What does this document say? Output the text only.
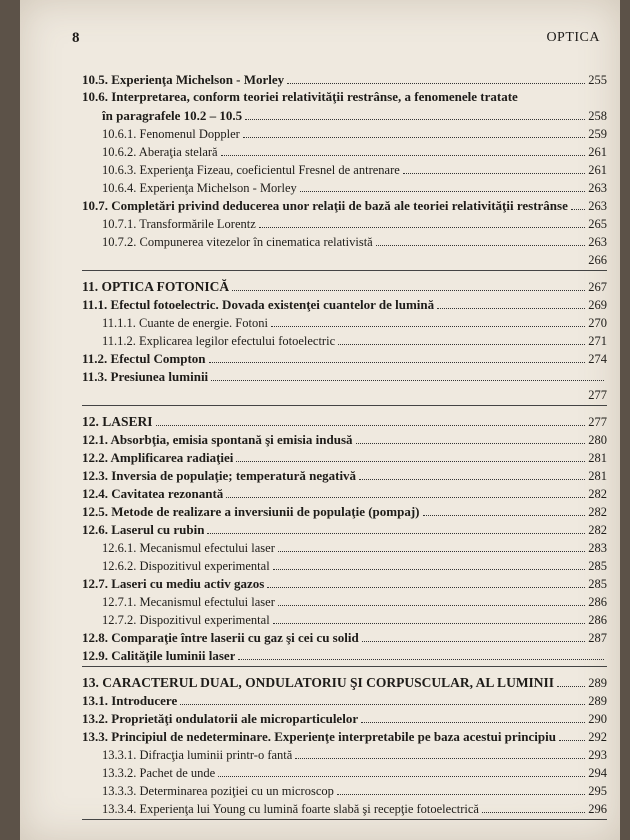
8	OPTICA
10.5. Experienţa Michelson - Morley	255
10.6. Interpretarea, conform teoriei relativităţii restrânse, a fenomenele tratate
în paragrafele 10.2 – 10.5	258
10.6.1. Fenomenul Doppler	259
10.6.2. Aberaţia stelară	261
10.6.3. Experienţa Fizeau, coeficientul Fresnel de antrenare	261
10.6.4. Experienţa Michelson - Morley	263
10.7. Completări privind deducerea unor relaţii de bază ale teoriei relativităţii restrânse 263
10.7.1. Transformările Lorentz	265
10.7.2. Compunerea vitezelor în cinematica relativistă	263
266
11. OPTICA FOTONICĂ	267
11.1. Efectul fotoelectric. Dovada existenţei cuantelor de lumină	269
11.1.1. Cuante de energie. Fotoni	270
11.1.2. Explicarea legilor efectului fotoelectric	271
11.2. Efectul Compton	274
11.3. Presiunea luminii
277
12. LASERI	277
12.1. Absorbţia, emisia spontană şi emisia indusă	280
12.2. Amplificarea radiaţiei	281
12.3. Inversia de populaţie; temperatură negativă	281
12.4. Cavitatea rezonantă	282
12.5. Metode de realizare a inversiunii de populaţie (pompaj)	282
12.6. Laserul cu rubin	282
12.6.1. Mecanismul efectului laser	283
12.6.2. Dispozitivul experimental	285
12.7. Laseri cu mediu activ gazos	285
12.7.1. Mecanismul efectului laser	286
12.7.2. Dispozitivul experimental	286
12.8. Comparaţie între laserii cu gaz şi cei cu solid	287
12.9. Calităţile luminii laser
13. CARACTERUL DUAL, ONDULATORIU ŞI CORPUSCULAR, AL LUMINII	289
13.1. Introducere	289
13.2. Proprietăţi ondulatorii ale microparticulelor	290
13.3. Principiul de nedeterminare. Experienţe interpretabile pe baza acestui principiu	292
13.3.1. Difracţia luminii printr-o fantă	293
13.3.2. Pachet de unde	294
13.3.3. Determinarea poziţiei cu un microscop	295
13.3.4. Experienţa lui Young cu lumină foarte slabă şi recepţie fotoelectrică	296
